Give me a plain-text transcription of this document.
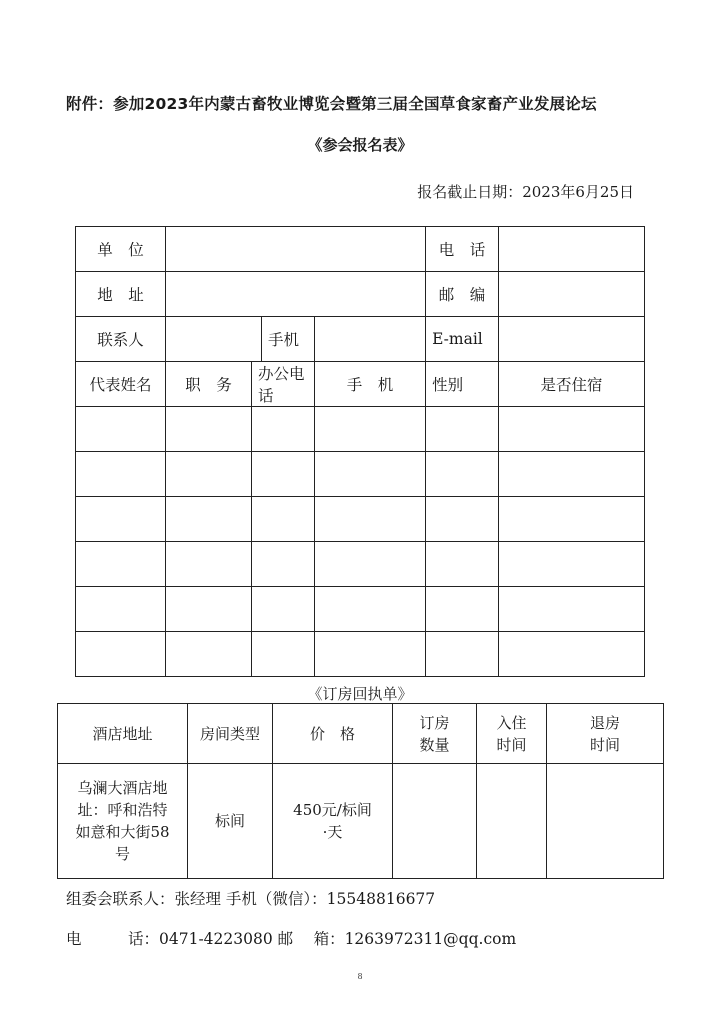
附件：参加2023年内蒙古畜牧业博览会暨第三届全国草食家畜产业发展论坛
《参会报名表》
报名截止日期：2023年6月25日
单　位					电　话	
地　址					邮　编	
联系人			手机		E-mail	
代表姓名	职　务	办公电话		手　机	性别	是否住宿

《订房回执单》
酒店地址	房间类型	价　格	订房数量	入住时间	退房时间

乌澜大酒店地址：呼和浩特如意和大街58号	标间	450元/标间·天			

组委会联系人：张经理 手机（微信）：15548816677
电　　　话：0471-4223080 邮　 箱：1263972311@qq.com
8
